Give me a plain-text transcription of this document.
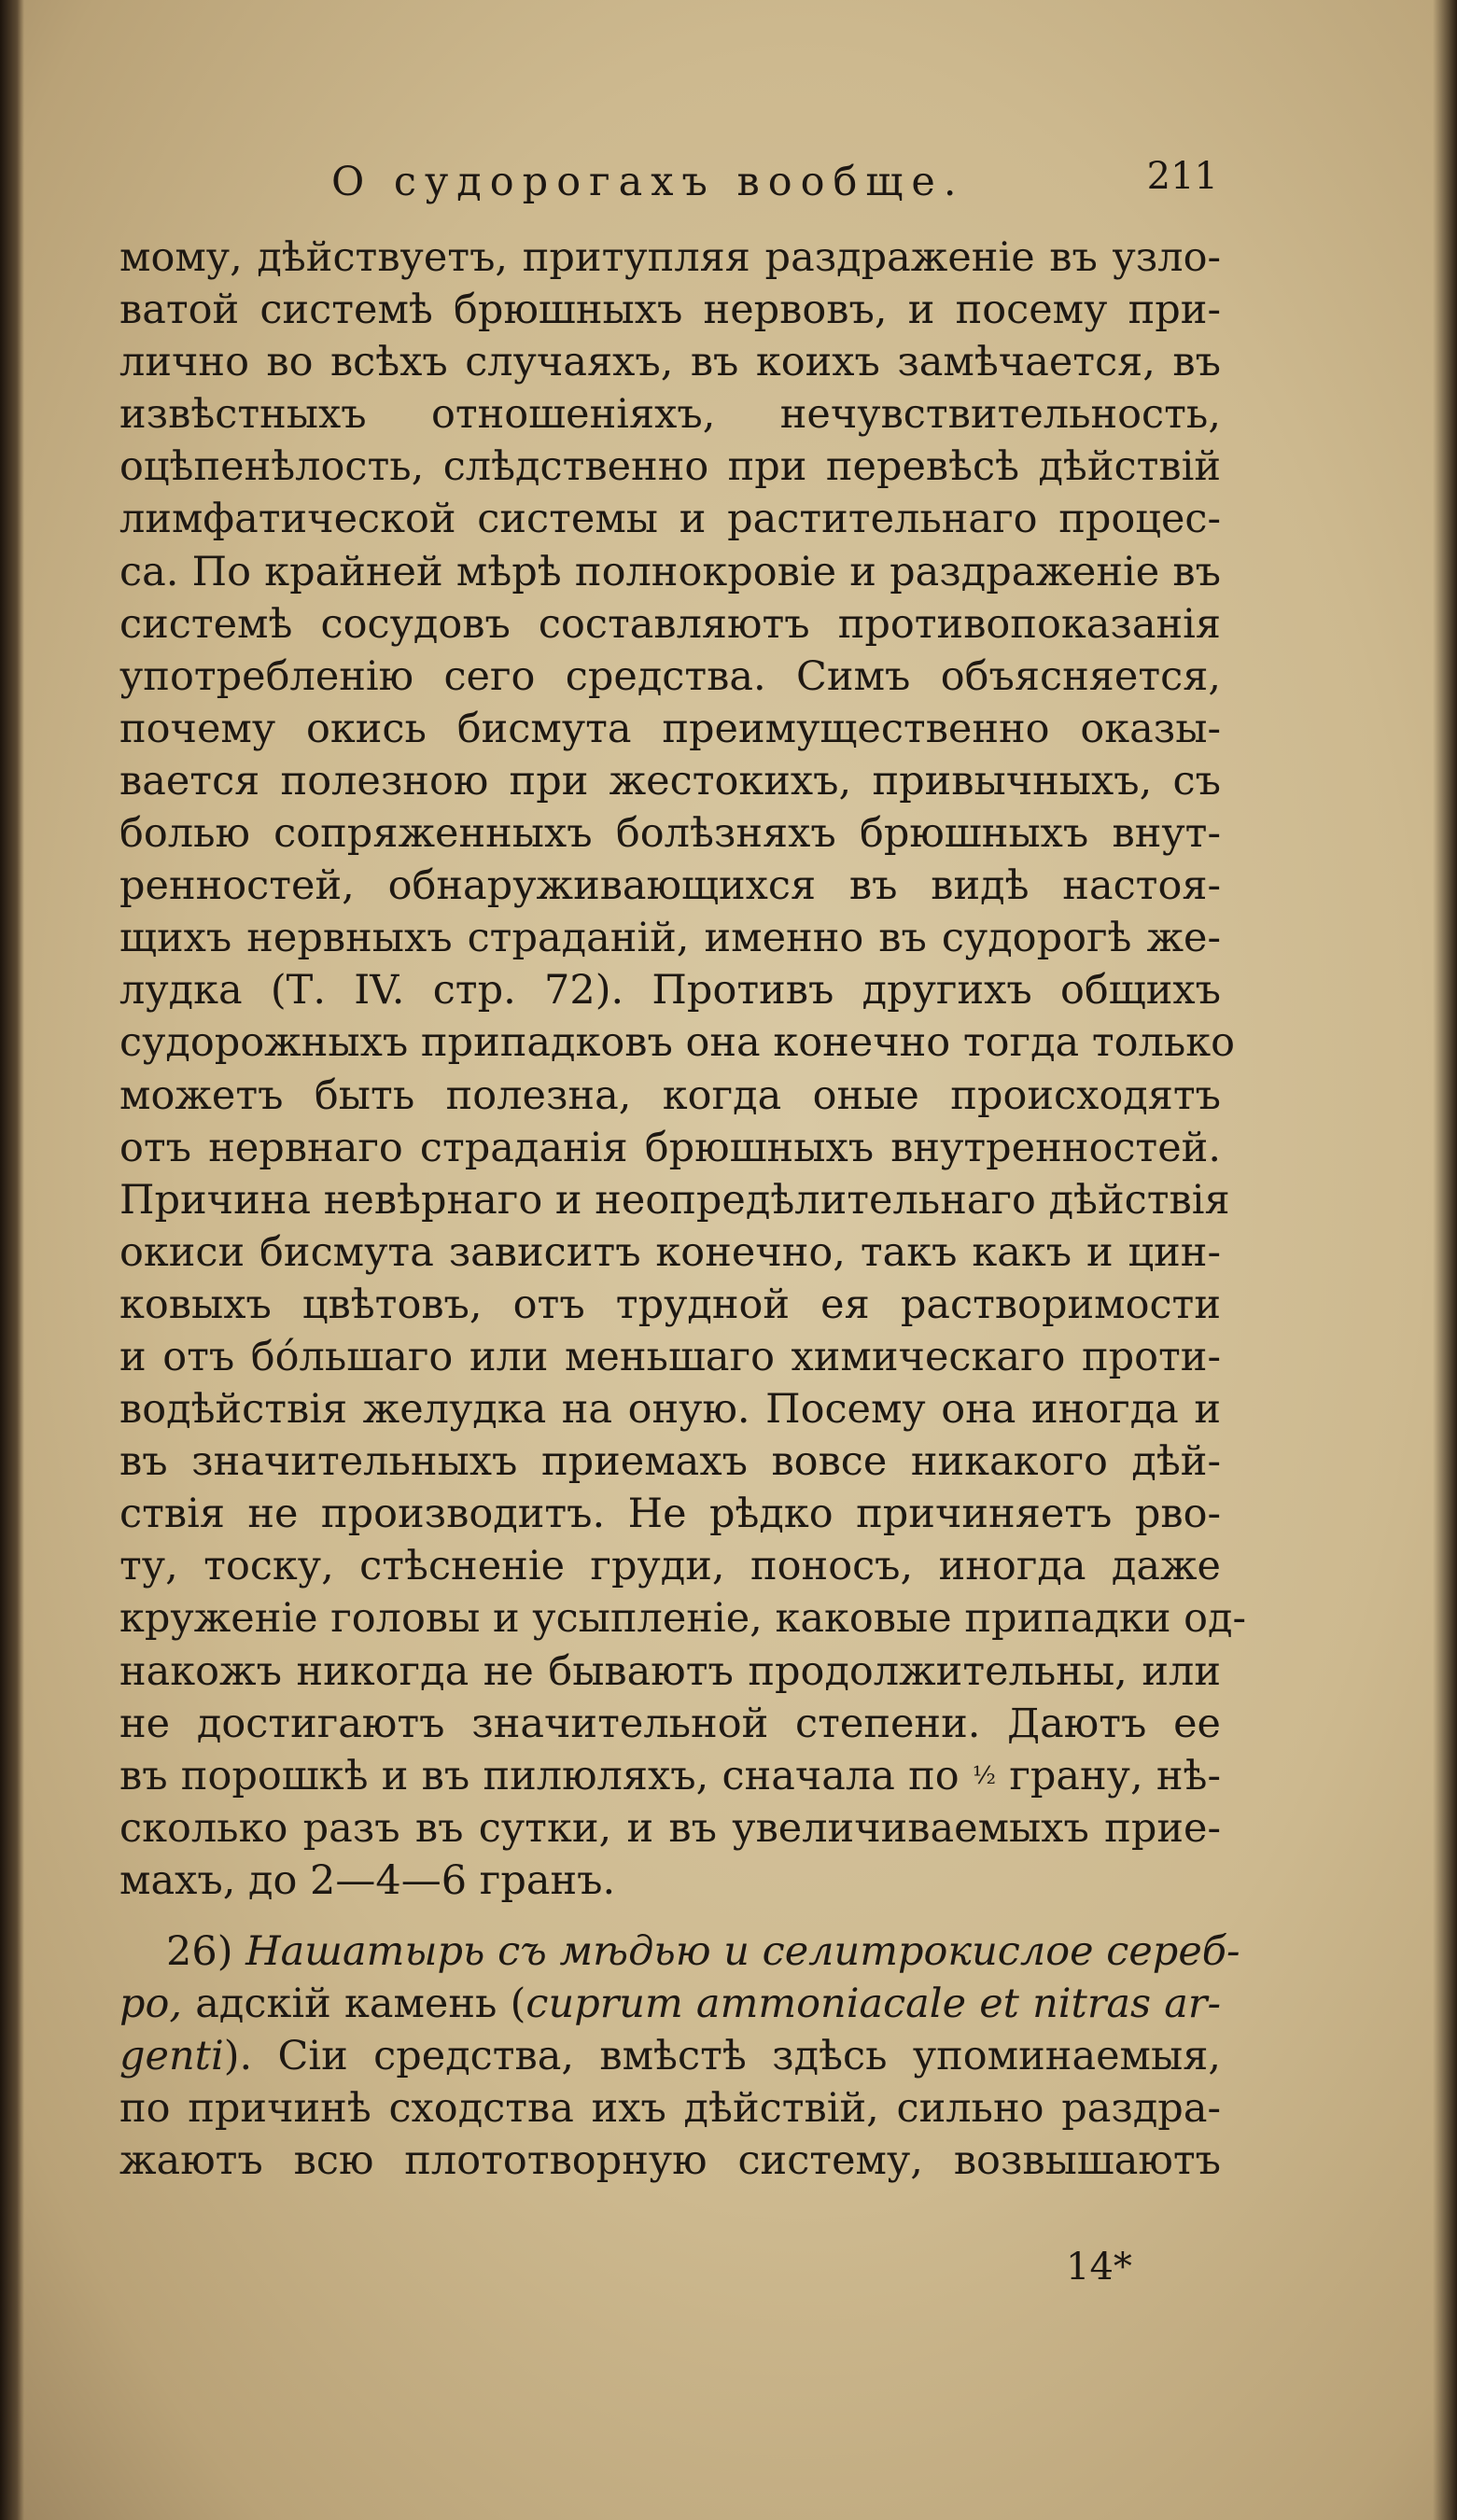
О судорогахъ вообще.	211
мому, дѣйствуетъ, притупляя раздраженіе въ узло-
ватой системѣ брюшныхъ нервовъ, и посему при-
лично во всѣхъ случаяхъ, въ коихъ замѣчается, въ
извѣстныхъ отношеніяхъ, нечувствительность,
оцѣпенѣлость, слѣдственно при перевѣсѣ дѣйствій
лимфатической системы и растительнаго процес-
са. По крайней мѣрѣ полнокровіе и раздраженіе въ
системѣ сосудовъ составляютъ противопоказанія
употребленію сего средства. Симъ объясняется,
почему окись бисмута преимущественно оказы-
вается полезною при жестокихъ, привычныхъ, съ
болью сопряженныхъ болѣзняхъ брюшныхъ внут-
ренностей, обнаруживающихся въ видѣ настоя-
щихъ нервныхъ страданій, именно въ судорогѣ же-
лудка (Т. IV. стр. 72). Противъ другихъ общихъ
судорожныхъ припадковъ она конечно тогда только
можетъ быть полезна, когда оные происходятъ
отъ нервнаго страданія брюшныхъ внутренностей.
Причина невѣрнаго и неопредѣлительнаго дѣйствія
окиси бисмута зависитъ конечно, такъ какъ и цин-
ковыхъ цвѣтовъ, отъ трудной ея растворимости
и отъ бо́льшаго или меньшаго химическаго проти-
водѣйствія желудка на оную. Посему она иногда и
въ значительныхъ приемахъ вовсе никакого дѣй-
ствія не производитъ. Не рѣдко причиняетъ рво-
ту, тоску, стѣсненіе груди, поносъ, иногда даже
круженіе головы и усыпленіе, каковые припадки од-
накожъ никогда не бываютъ продолжительны, или
не достигаютъ значительной степени. Даютъ ее
въ порошкѣ и въ пилюляхъ, сначала по ½ грану, нѣ-
сколько разъ въ сутки, и въ увеличиваемыхъ прие-
махъ, до 2—4—6 гранъ.
26) Нашатырь съ мѣдью и селитрокислое сереб-
ро, адскій камень (cuprum ammoniacale et nitras ar-
genti). Сіи средства, вмѣстѣ здѣсь упоминаемыя,
по причинѣ сходства ихъ дѣйствій, сильно раздра-
жаютъ всю плототворную систему, возвышаютъ
14*
